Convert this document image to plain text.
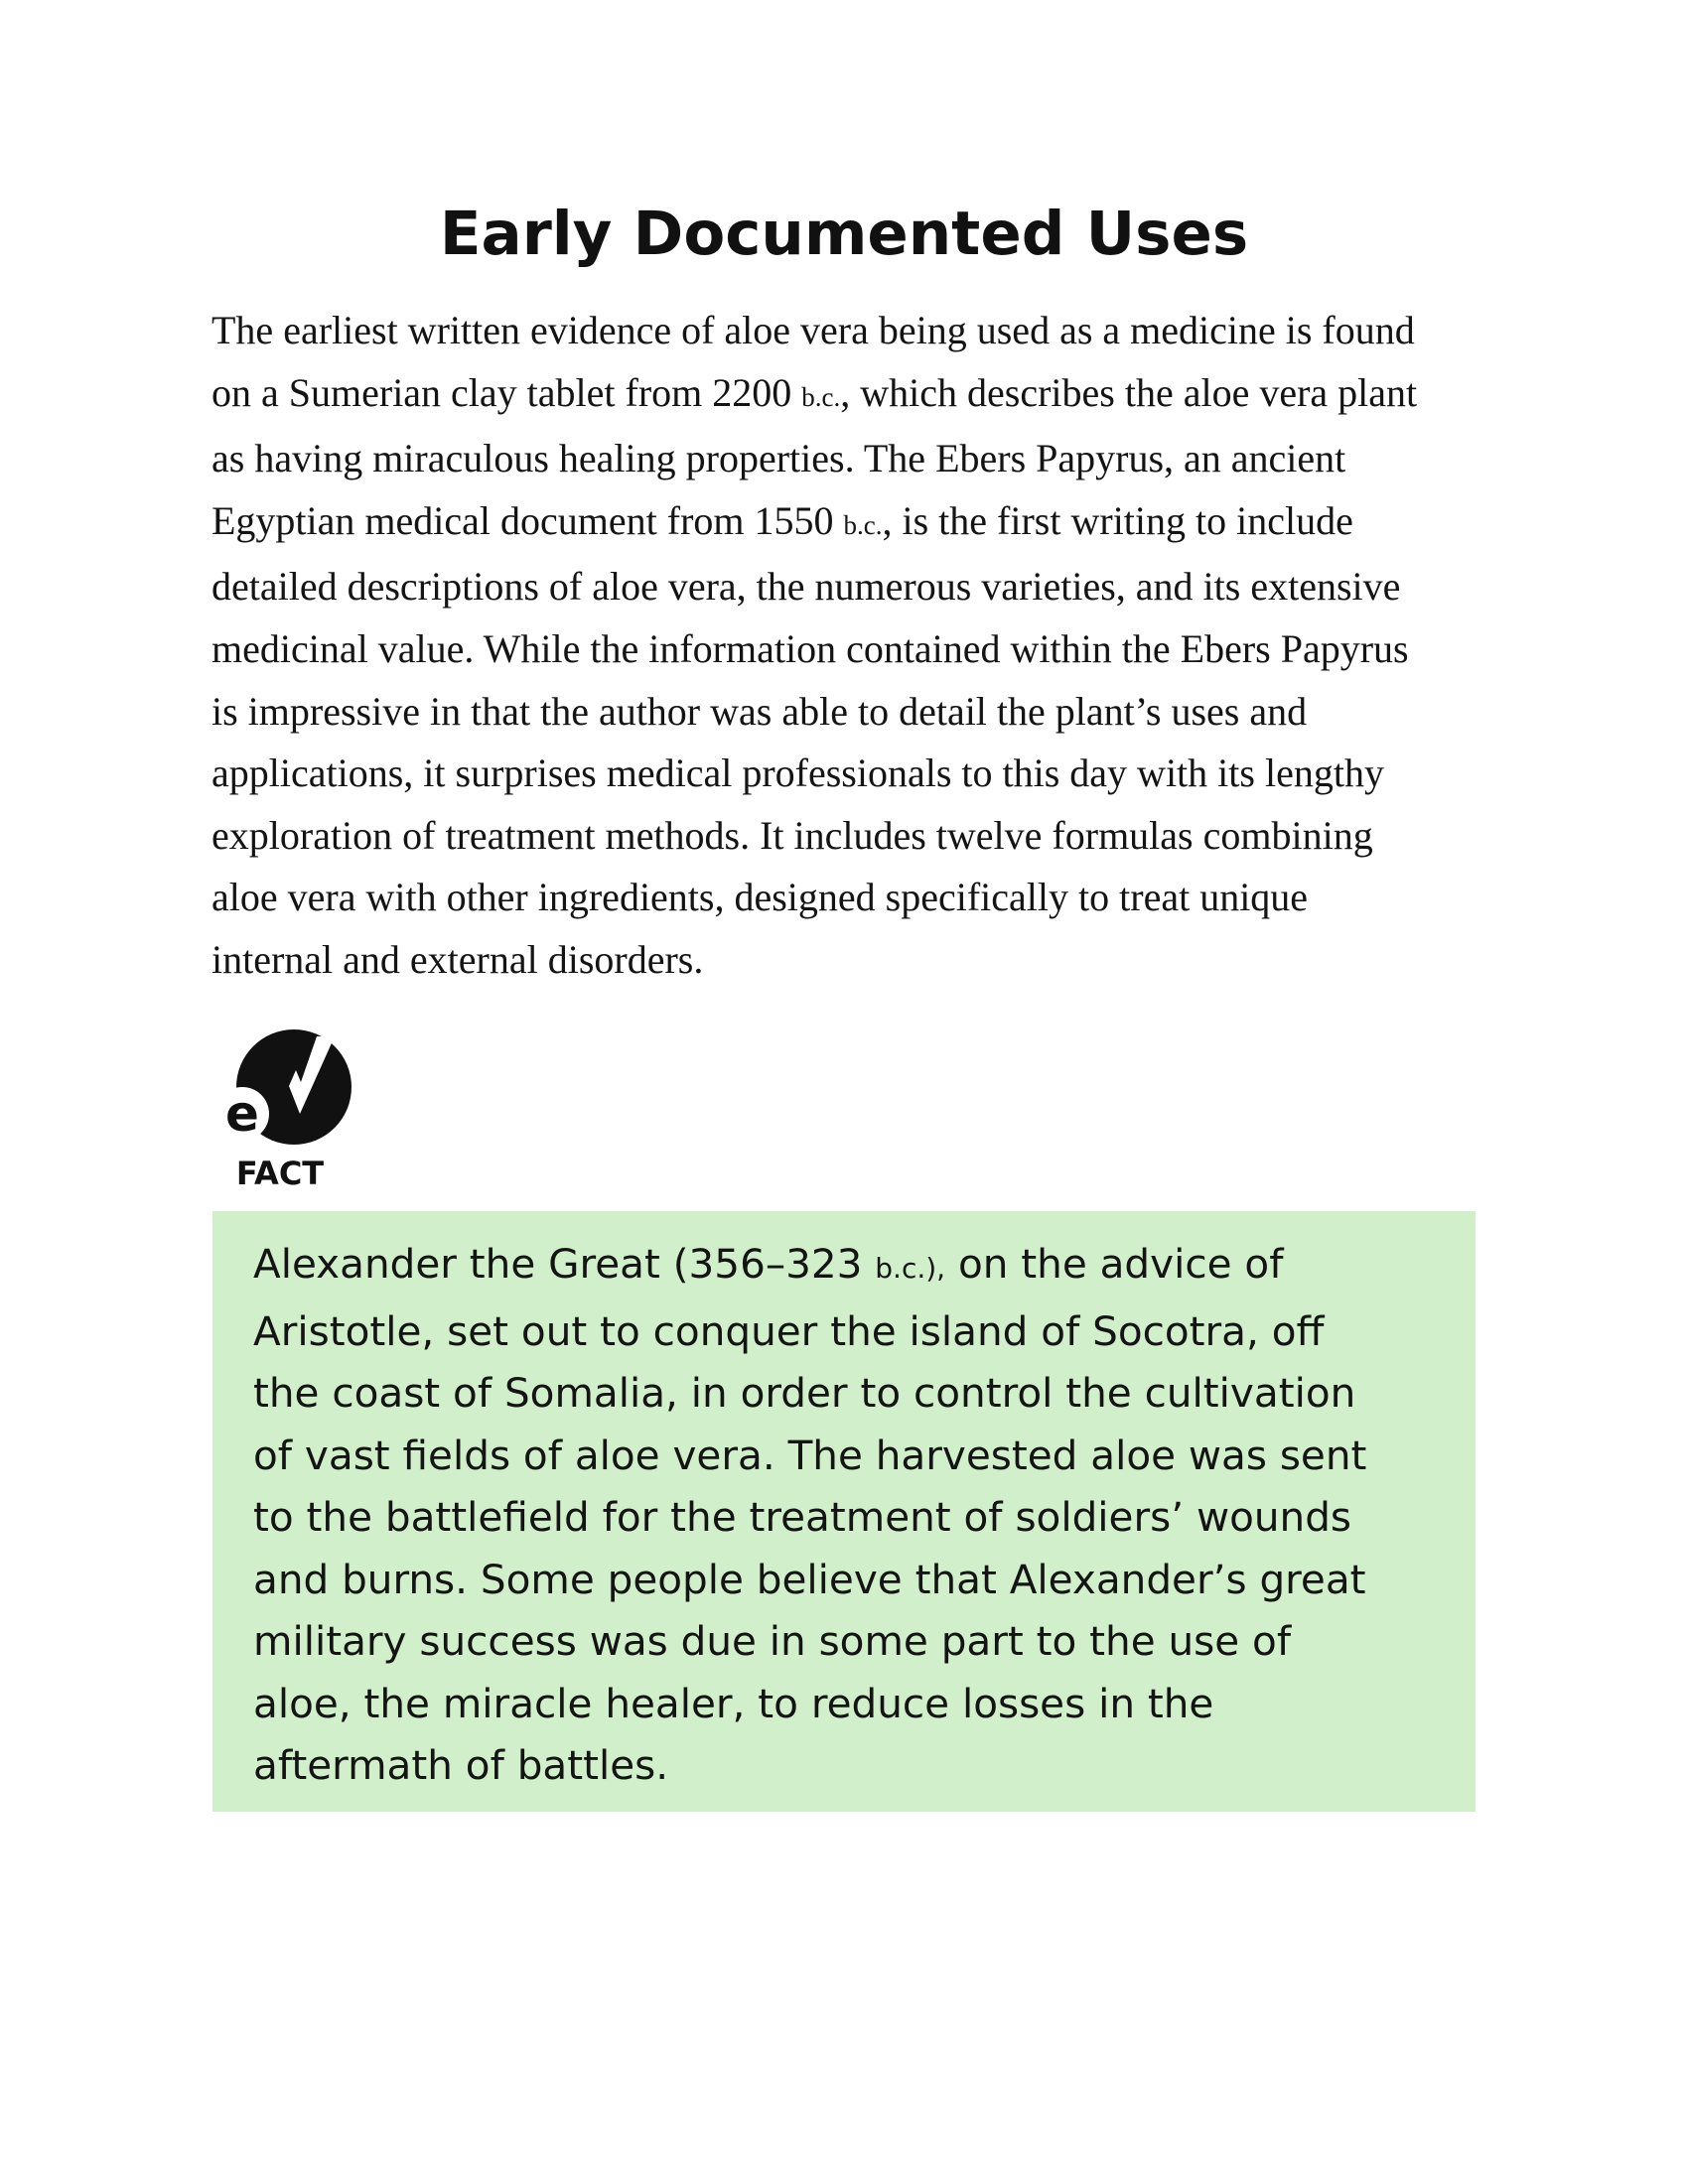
Early Documented Uses

The earliest written evidence of aloe vera being used as a medicine is found
on a Sumerian clay tablet from 2200 b.c., which describes the aloe vera plant
as having miraculous healing properties. The Ebers Papyrus, an ancient
Egyptian medical document from 1550 b.c., is the first writing to include
detailed descriptions of aloe vera, the numerous varieties, and its extensive
medicinal value. While the information contained within the Ebers Papyrus
is impressive in that the author was able to detail the plant’s uses and
applications, it surprises medical professionals to this day with its lengthy
exploration of treatment methods. It includes twelve formulas combining
aloe vera with other ingredients, designed specifically to treat unique
internal and external disorders.

e
FACT

Alexander the Great (356–323 b.c.), on the advice of
Aristotle, set out to conquer the island of Socotra, off
the coast of Somalia, in order to control the cultivation
of vast fields of aloe vera. The harvested aloe was sent
to the battlefield for the treatment of soldiers’ wounds
and burns. Some people believe that Alexander’s great
military success was due in some part to the use of
aloe, the miracle healer, to reduce losses in the
aftermath of battles.
